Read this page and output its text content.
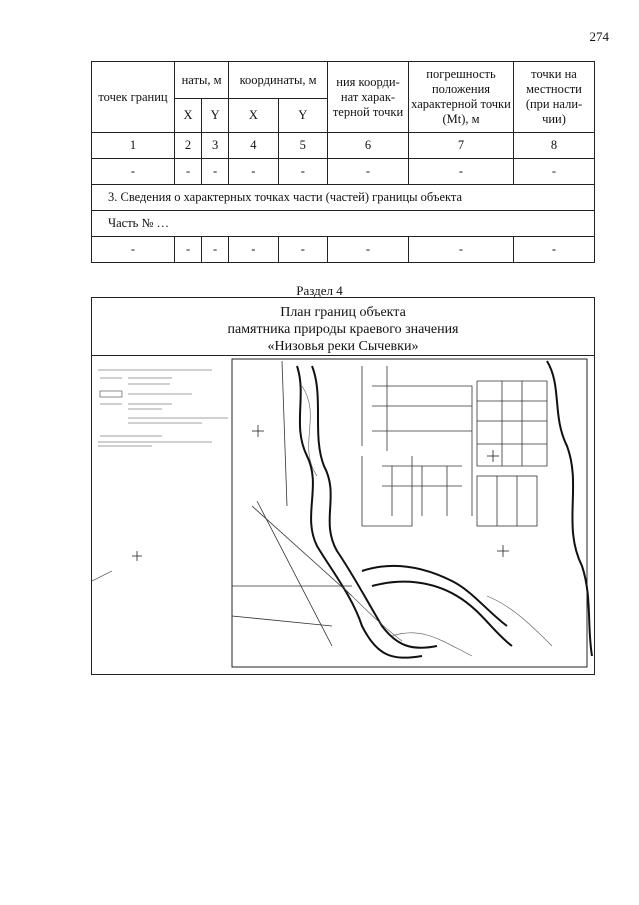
274
точек границ	наты, м		координаты, м		ния коорди-нат харак-терной точки	погрешность положения характерной точки (Mt), м	точки на местности (при нали-чии)
	X	Y	X	Y			
1	2	3	4	5	6	7	8
-	-	-	-	-	-	-	-
3. Сведения о характерных точках части (частей) границы объекта							
Часть № …							
-	-	-	-	-	-	-	-
Раздел 4
План границ объекта
памятника природы краевого значения
«Низовья реки Сычевки»
